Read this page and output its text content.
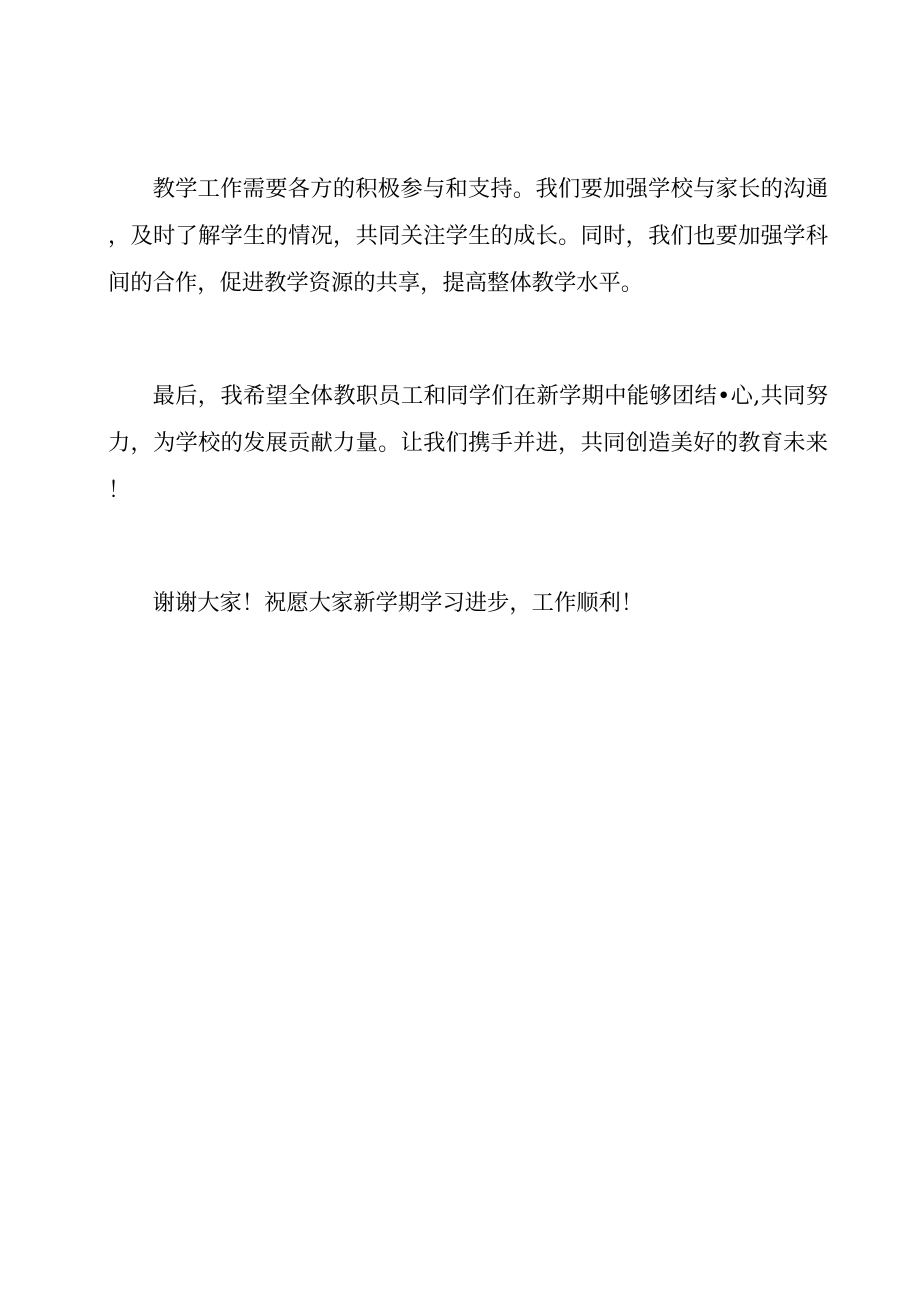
教学工作需要各方的积极参与和支持。我们要加强学校与家长的沟通，及时了解学生的情况，共同关注学生的成长。同时，我们也要加强学科间的合作，促进教学资源的共享，提高整体教学水平。

最后，我希望全体教职员工和同学们在新学期中能够团结•心,共同努力，为学校的发展贡献力量。让我们携手并进，共同创造美好的教育未来！

谢谢大家！祝愿大家新学期学习进步，工作顺利！
